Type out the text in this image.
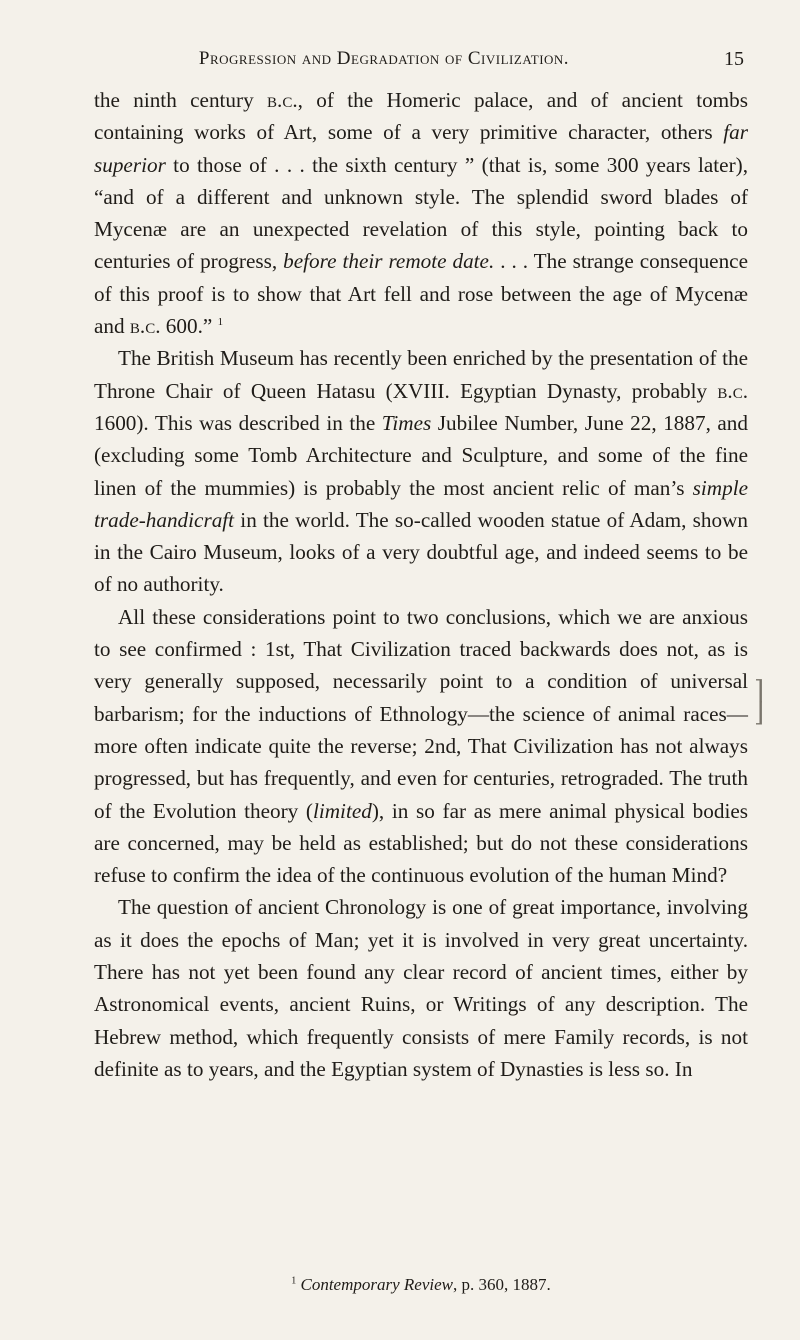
Progression and Degradation of Civilization.	15

the ninth century b.c., of the Homeric palace, and of ancient tombs containing works of Art, some of a very primitive character, others far superior to those of . . . the sixth century ” (that is, some 300 years later), “and of a different and unknown style. The splendid sword blades of Mycenæ are an unexpected revelation of this style, pointing back to centuries of progress, before their remote date. . . . The strange consequence of this proof is to show that Art fell and rose between the age of Mycenæ and b.c. 600.” $^1$

The British Museum has recently been enriched by the presentation of the Throne Chair of Queen Hatasu (XVIII. Egyptian Dynasty, probably b.c. 1600). This was described in the Times Jubilee Number, June 22, 1887, and (excluding some Tomb Architecture and Sculpture, and some of the fine linen of the mummies) is probably the most ancient relic of man’s simple trade-handicraft in the world. The so-called wooden statue of Adam, shown in the Cairo Museum, looks of a very doubtful age, and indeed seems to be of no authority.

All these considerations point to two conclusions, which we are anxious to see confirmed : 1st, That Civilization traced backwards does not, as is very generally supposed, necessarily point to a condition of universal barbarism; for the inductions of Ethnology—the science of animal races—more often indicate quite the reverse; 2nd, That Civilization has not always progressed, but has frequently, and even for centuries, retrograded. The truth of the Evolution theory (limited), in so far as mere animal physical bodies are concerned, may be held as established; but do not these considerations refuse to confirm the idea of the continuous evolution of the human Mind?

The question of ancient Chronology is one of great importance, involving as it does the epochs of Man; yet it is involved in very great uncertainty. There has not yet been found any clear record of ancient times, either by Astronomical events, ancient Ruins, or Writings of any description. The Hebrew method, which frequently consists of mere Family records, is not definite as to years, and the Egyptian system of Dynasties is less so. In

⌉
⌋
$^1$ Contemporary Review, p. 360, 1887.
